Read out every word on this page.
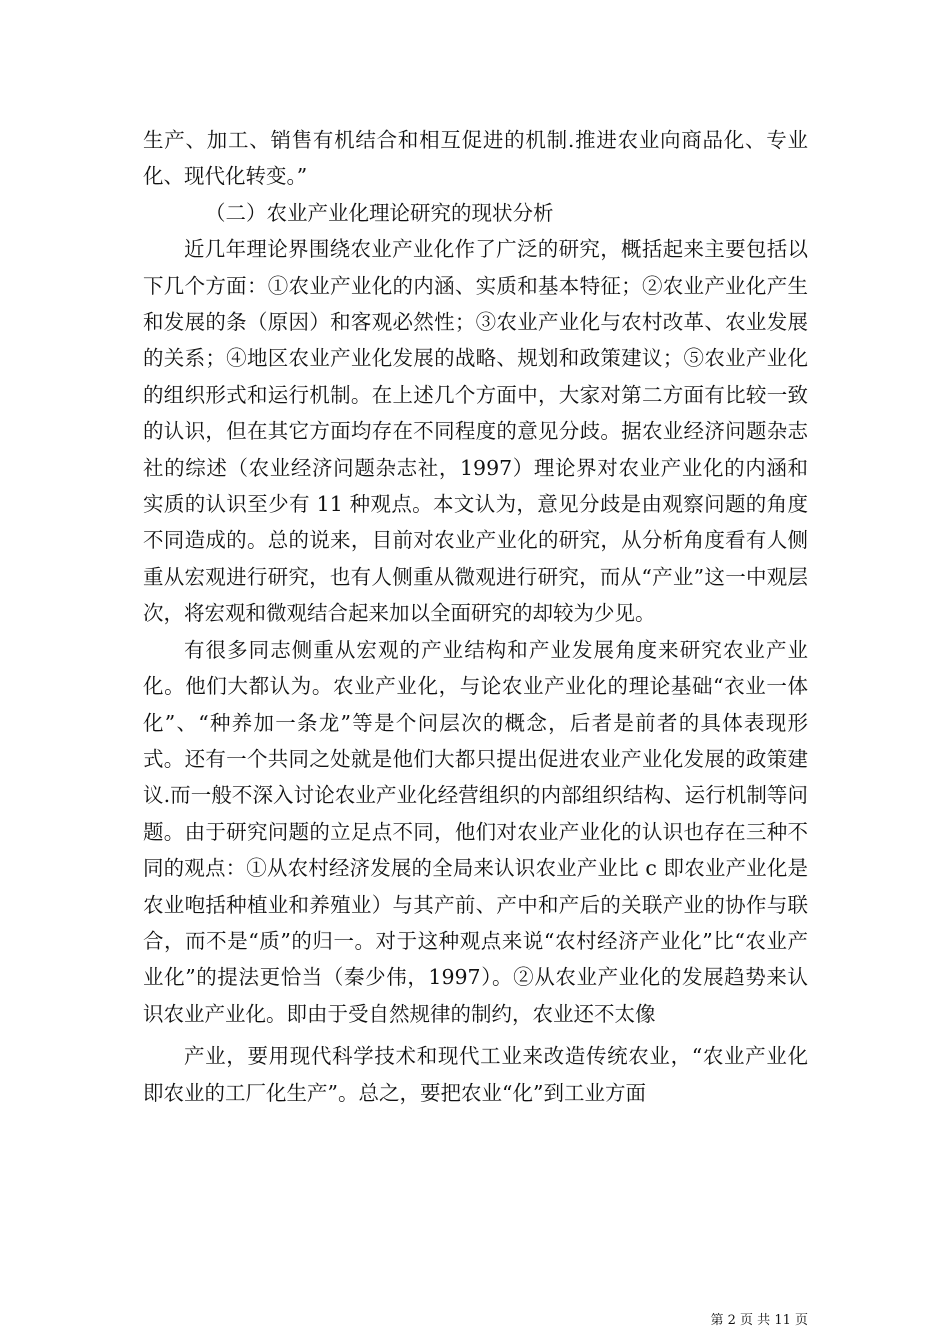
生产、加工、销售有机结合和相互促进的机制.推进农业向商品化、专业化、现代化转变。”

（二）农业产业化理论研究的现状分析

近几年理论界围绕农业产业化作了广泛的研究，概括起来主要包括以下几个方面：①农业产业化的内涵、实质和基本特征；②农业产业化产生和发展的条（原因）和客观必然性；③农业产业化与农村改革、农业发展的关系；④地区农业产业化发展的战略、规划和政策建议；⑤农业产业化的组织形式和运行机制。在上述几个方面中，大家对第二方面有比较一致的认识，但在其它方面均存在不同程度的意见分歧。据农业经济问题杂志社的综述（农业经济问题杂志社，1997）理论界对农业产业化的内涵和实质的认识至少有 11 种观点。本文认为，意见分歧是由观察问题的角度不同造成的。总的说来，目前对农业产业化的研究，从分析角度看有人侧重从宏观进行研究，也有人侧重从微观进行研究，而从“产业”这一中观层次，将宏观和微观结合起来加以全面研究的却较为少见。

有很多同志侧重从宏观的产业结构和产业发展角度来研究农业产业化。他们大都认为。农业产业化，与论农业产业化的理论基础“衣业一体化”、“种养加一条龙”等是个问层次的概念，后者是前者的具体表现形式。还有一个共同之处就是他们大都只提出促进农业产业化发展的政策建议.而一般不深入讨论农业产业化经营组织的内部组织结构、运行机制等问题。由于研究问题的立足点不同，他们对农业产业化的认识也存在三种不同的观点：①从农村经济发展的全局来认识农业产业比 c 即农业产业化是农业咆括种植业和养殖业）与其产前、产中和产后的关联产业的协作与联合，而不是“质”的归一。对于这种观点来说“农村经济产业化”比“农业产业化”的提法更恰当（秦少伟，1997）。②从农业产业化的发展趋势来认识农业产业化。即由于受自然规律的制约，农业还不太像

产业，要用现代科学技术和现代工业来改造传统农业，“农业产业化即农业的工厂化生产”。总之，要把农业“化”到工业方面

第 2 页 共 11 页
